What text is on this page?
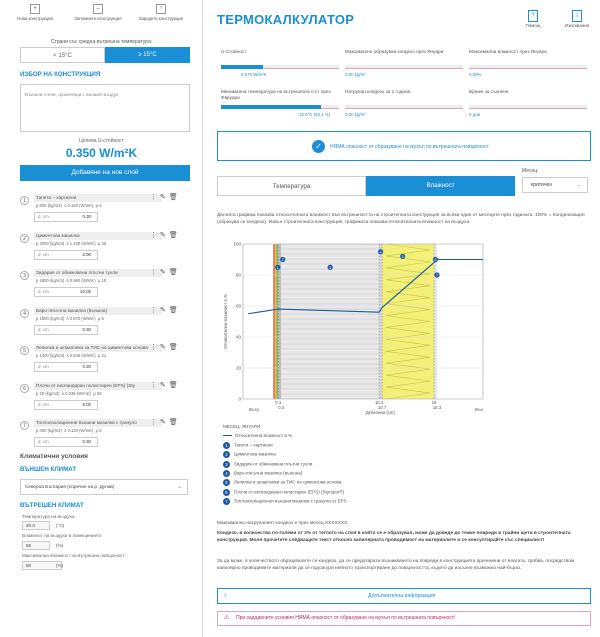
+
Нова конструкция
⎯
Запомнете конструкция
↑
Заредете конструкция
Страни със средна вътрешна температура:
< 15°C	≥ 15°C
ИЗБОР НА КОНСТРУКЦИЯ
Външни стени, граничещи с външен въздух
Целева U-стойност
0.350 W/m²K
Добавяне на нов слой
1
Тапети – хартиени
p 600 (kg/m3) λ 0.150 (W/mK) μ 5
d, cm	0.30
⋮✎🗑
2
Циментова мазилка
p 2000 (kg/m3) λ 1.400 (W/mK) μ 30
d, cm	2.00
⋮✎🗑
3
Зидария от обикновени плътни тухли
p 1800 (kg/m3) λ 0.960 (W/mK) μ 10
d, cm	10.00
⋮✎🗑
4
Варо-пясъчна мазилка (външна)
p 1600 (kg/m3) λ 0.870 (W/mK) μ 5
d, cm	0.30
⋮✎🗑
5
Лепилка и шпакловки за ТИС на циментова основа
p 1400 (kg/m3) λ 0.540 (W/mK) μ 21
d, cm	0.30
⋮✎🗑
6
Плочи от експандиран полистирен (EPS) (Sty
p 20 (kg/m3) λ 0.035 (W/mK) μ 65
d, cm	5.00
⋮✎🗑
7
Топлоизолационни външни мазилки с грануло
p 400 (kg/m3) λ 0.120 (W/mK) μ 8
d, cm	0.30
⋮✎🗑
Климатични условия
ВЪНШЕН КЛИМАТ
Северна България (поречие на р. Дунав)	⌄
ВЪТРЕШЕН КЛИМАТ
Температура на въздуха
20.0	(°C)
Влажност на въздуха в помещението
55	(%)
Максимална влажност на вътрешна повърхност
80	(%)
ТЕРМОКАЛКУЛАТОР	?
Помощ
i
Изисквания
U-Стойност
0.575 W/m²K
Максимално образуван кондезо през Януари
0.00 kg/m²
Максимална влажност през Януари
0.00%
Минимална температура на вътрешната п-ст през Фвруари
10.6°C (60.1 %)
Натрупан кондезо за 1 година
0.00 kg/m²
Време за съхнене
0 дни
✓	НЯМА опасност от образуване на мухъл по вътрешната повърхност
Температура	Влажност
Месец:
критичен	⌄
Долната графика показва относителната влажност във вътрешността на строителната конструкция за всеки един от месеците през годината. 100% = Конденизация (образува се кондезо). Извън строителната конструкция, графиката показва относителната влажност на въздуха.
0
20
40
60
80
100
0.1
0.4
10.4
10.7
16
16.3
Вътр.	Вън
Дебелина [cm]
Относителна влажност в %
1
2
3
4
5
6
7
МЕСЕЦ: ЯНУАРИ
Относителна влажност в %
1 Тапети – хартиени
2 Циментова мазилка
3 Зидария от обикновени плътни тухли
4 Варо-пясъчна мазилка (външна)
5 Лепилка и шпакловки за ТИС на циментова основа
6 Плочи от експандиран полистирен (EPS) (Styropor®)
7 Топлоизолационни външни мазилки с гранули от EPS
Максимално натрупаният кондезо е през месец XXXXXXX.
Кондезо, в количества по-големи от 3% от теглото на слоя в който се е образувал, може да доведе до тежке повреди в трайни щети в строителната конструкция. Моля прочетете следващите текст относно капилярната проводимост на материалите и се консултирайте със специалист!
За да може, в количеството образувалите се кондезо, да се предотврати възникването на повреди в конструкцията причинени от влагата, трябва, посредством капилярно проводимите материали да се подсигури нейното транспортиране до повърхността, където да изсъхне възможно най-бързо.
›	Допълнителна информация
⚠ При зададените условия НЯМА опасност от образуване на мухъл по вътрешната повърхност!
